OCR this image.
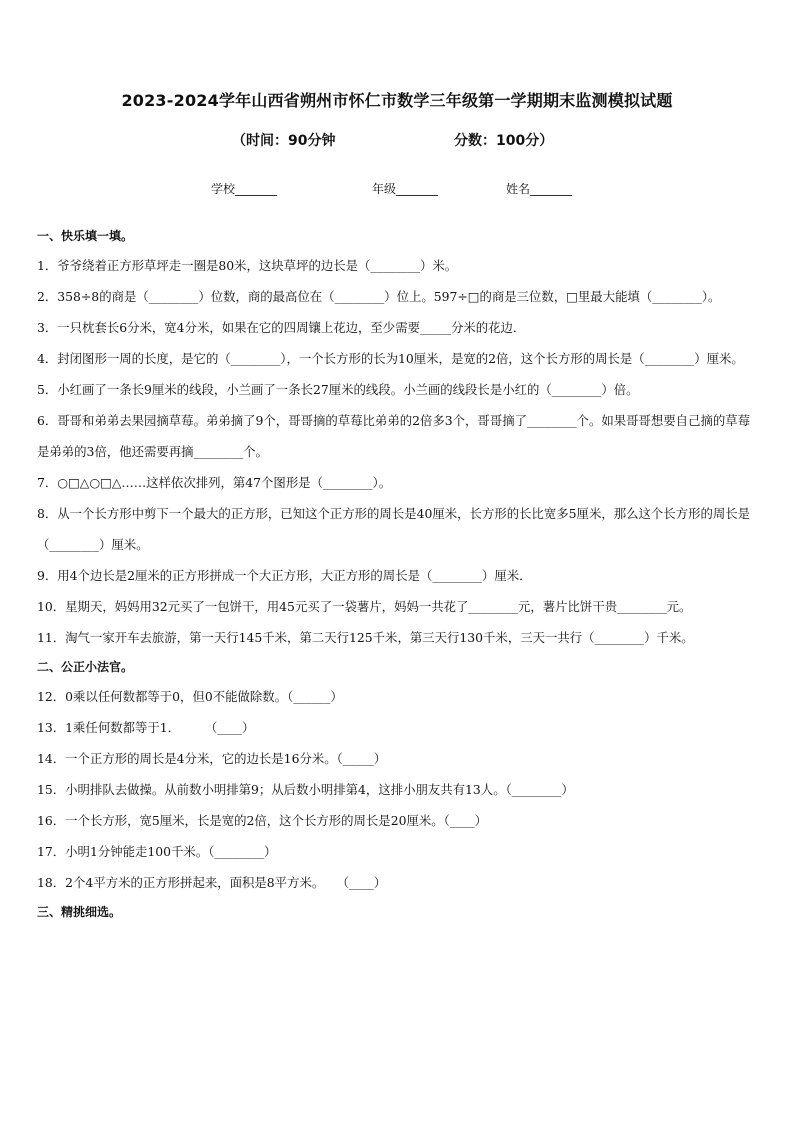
2023-2024学年山西省朔州市怀仁市数学三年级第一学期期末监测模拟试题
（时间：90分钟	分数：100分）
学校_______	年级_______	姓名_______
一、快乐填一填。

1．爷爷绕着正方形草坪走一圈是80米，这块草坪的边长是（________）米。

2．358÷8的商是（________）位数，商的最高位在（________）位上。597÷□的商是三位数，□里最大能填（________）。

3．一只枕套长6分米，宽4分米，如果在它的四周镶上花边，至少需要_____分米的花边．

4．封闭图形一周的长度，是它的（________），一个长方形的长为10厘米，是宽的2倍，这个长方形的周长是（________）厘米。

5．小红画了一条长9厘米的线段，小兰画了一条长27厘米的线段。小兰画的线段长是小红的（________）倍。

6．哥哥和弟弟去果园摘草莓。弟弟摘了9个，哥哥摘的草莓比弟弟的2倍多3个，哥哥摘了________个。如果哥哥想要自己摘的草莓是弟弟的3倍，他还需要再摘________个。

7．○□△○□△……这样依次排列，第47个图形是（________）。

8．从一个长方形中剪下一个最大的正方形，已知这个正方形的周长是40厘米，长方形的长比宽多5厘米，那么这个长方形的周长是（________）厘米。

9．用4个边长是2厘米的正方形拼成一个大正方形，大正方形的周长是（________）厘米．

10．星期天，妈妈用32元买了一包饼干，用45元买了一袋薯片，妈妈一共花了________元，薯片比饼干贵________元。

11．淘气一家开车去旅游，第一天行145千米，第二天行125千米，第三天行130千米，三天一共行（________）千米。

二、公正小法官。

12．0乘以任何数都等于0，但0不能做除数。（______）

13．1乘任何数都等于1．　　　（____）

14．一个正方形的周长是4分米，它的边长是16分米。（_____）

15．小明排队去做操。从前数小明排第9；从后数小明排第4，这排小朋友共有13人。（________）

16．一个长方形，宽5厘米，长是宽的2倍，这个长方形的周长是20厘米。（____）

17．小明1分钟能走100千米。（________）

18．2个4平方米的正方形拼起来，面积是8平方米。　　（____）

三、精挑细选。
